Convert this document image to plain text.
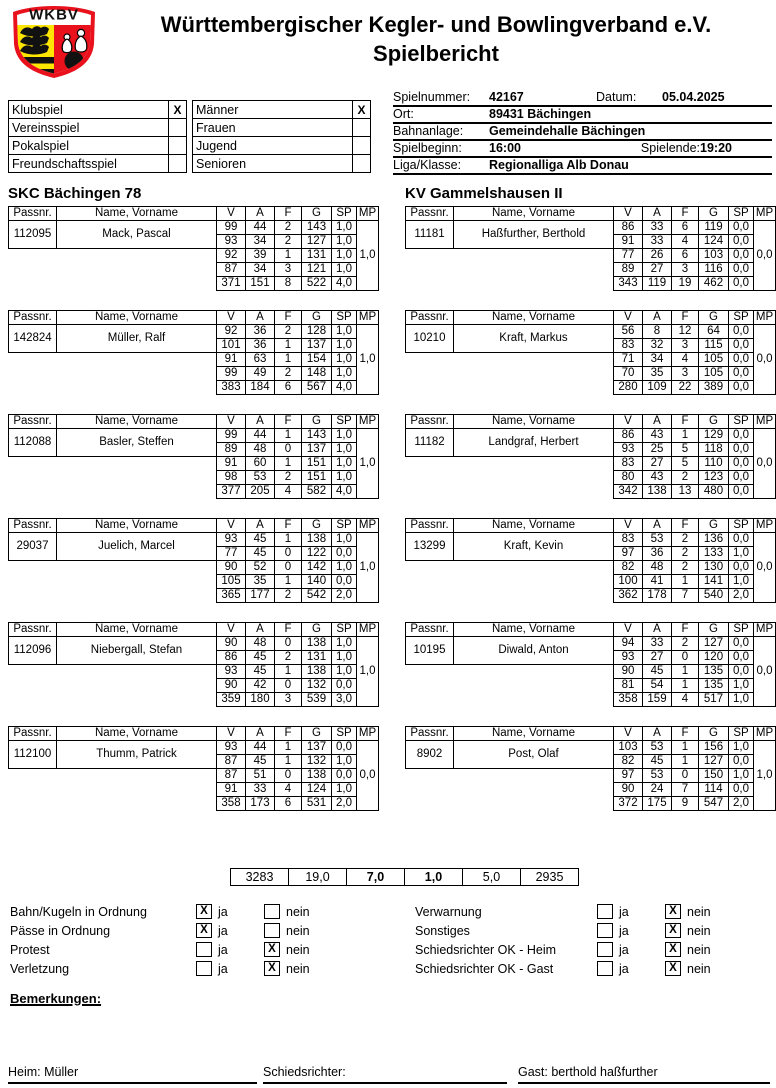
WKBV	Württembergischer Kegler- und Bowlingverband e.V.
Spielbericht
Klubspiel	X
Vereinsspiel	
Pokalspiel	
Freundschaftsspiel	
Männer	X
Frauen	
Jugend	
Senioren	
Spielnummer:	42167	Datum:	05.04.2025
Ort:	89431 Bächingen
Bahnanlage:	Gemeindehalle Bächingen
Spielbeginn:	16:00	Spielende: 19:20
Liga/Klasse:	Regionalliga Alb Donau
SKC Bächingen 78
Passnr.	Name, Vorname	V	A	F	G	SP	MP
112095	Mack, Pascal	99	44	2	143	1,0	1,0
		93	34	2	127	1,0	
		92	39	1	131	1,0	
		87	34	3	121	1,0	
		371	151	8	522	4,0	
Passnr.	Name, Vorname	V	A	F	G	SP	MP
142824	Müller, Ralf	92	36	2	128	1,0	1,0
		101	36	1	137	1,0	
		91	63	1	154	1,0	
		99	49	2	148	1,0	
		383	184	6	567	4,0	
Passnr.	Name, Vorname	V	A	F	G	SP	MP
112088	Basler, Steffen	99	44	1	143	1,0	1,0
		89	48	0	137	1,0	
		91	60	1	151	1,0	
		98	53	2	151	1,0	
		377	205	4	582	4,0	
Passnr.	Name, Vorname	V	A	F	G	SP	MP
29037	Juelich, Marcel	93	45	1	138	1,0	1,0
		77	45	0	122	0,0	
		90	52	0	142	1,0	
		105	35	1	140	0,0	
		365	177	2	542	2,0	
Passnr.	Name, Vorname	V	A	F	G	SP	MP
112096	Niebergall, Stefan	90	48	0	138	1,0	1,0
		86	45	2	131	1,0	
		93	45	1	138	1,0	
		90	42	0	132	0,0	
		359	180	3	539	3,0	
Passnr.	Name, Vorname	V	A	F	G	SP	MP
112100	Thumm, Patrick	93	44	1	137	0,0	0,0
		87	45	1	132	1,0	
		87	51	0	138	0,0	
		91	33	4	124	1,0	
		358	173	6	531	2,0	
KV Gammelshausen II
Passnr.	Name, Vorname	V	A	F	G	SP	MP
11181	Haßfurther, Berthold	86	33	6	119	0,0	0,0
		91	33	4	124	0,0	
		77	26	6	103	0,0	
		89	27	3	116	0,0	
		343	119	19	462	0,0	
Passnr.	Name, Vorname	V	A	F	G	SP	MP
10210	Kraft, Markus	56	8	12	64	0,0	0,0
		83	32	3	115	0,0	
		71	34	4	105	0,0	
		70	35	3	105	0,0	
		280	109	22	389	0,0	
Passnr.	Name, Vorname	V	A	F	G	SP	MP
11182	Landgraf, Herbert	86	43	1	129	0,0	0,0
		93	25	5	118	0,0	
		83	27	5	110	0,0	
		80	43	2	123	0,0	
		342	138	13	480	0,0	
Passnr.	Name, Vorname	V	A	F	G	SP	MP
13299	Kraft, Kevin	83	53	2	136	0,0	0,0
		97	36	2	133	1,0	
		82	48	2	130	0,0	
		100	41	1	141	1,0	
		362	178	7	540	2,0	
Passnr.	Name, Vorname	V	A	F	G	SP	MP
10195	Diwald, Anton	94	33	2	127	0,0	0,0
		93	27	0	120	0,0	
		90	45	1	135	0,0	
		81	54	1	135	1,0	
		358	159	4	517	1,0	
Passnr.	Name, Vorname	V	A	F	G	SP	MP
8902	Post, Olaf	103	53	1	156	1,0	1,0
		82	45	1	127	0,0	
		97	53	0	150	1,0	
		90	24	7	114	0,0	
		372	175	9	547	2,0	
3283	19,0	7,0	1,0	5,0	2935
Bahn/Kugeln in Ordnung	X ja	nein
Pässe in Ordnung	X ja	nein
Protest	ja	X nein
Verletzung	ja	X nein
Verwarnung	ja	X nein
Sonstiges	ja	X nein
Schiedsrichter OK - Heim	ja	X nein
Schiedsrichter OK - Gast	ja	X nein
Bemerkungen:
Heim: Müller	Schiedsrichter:	Gast: berthold haßfurther
